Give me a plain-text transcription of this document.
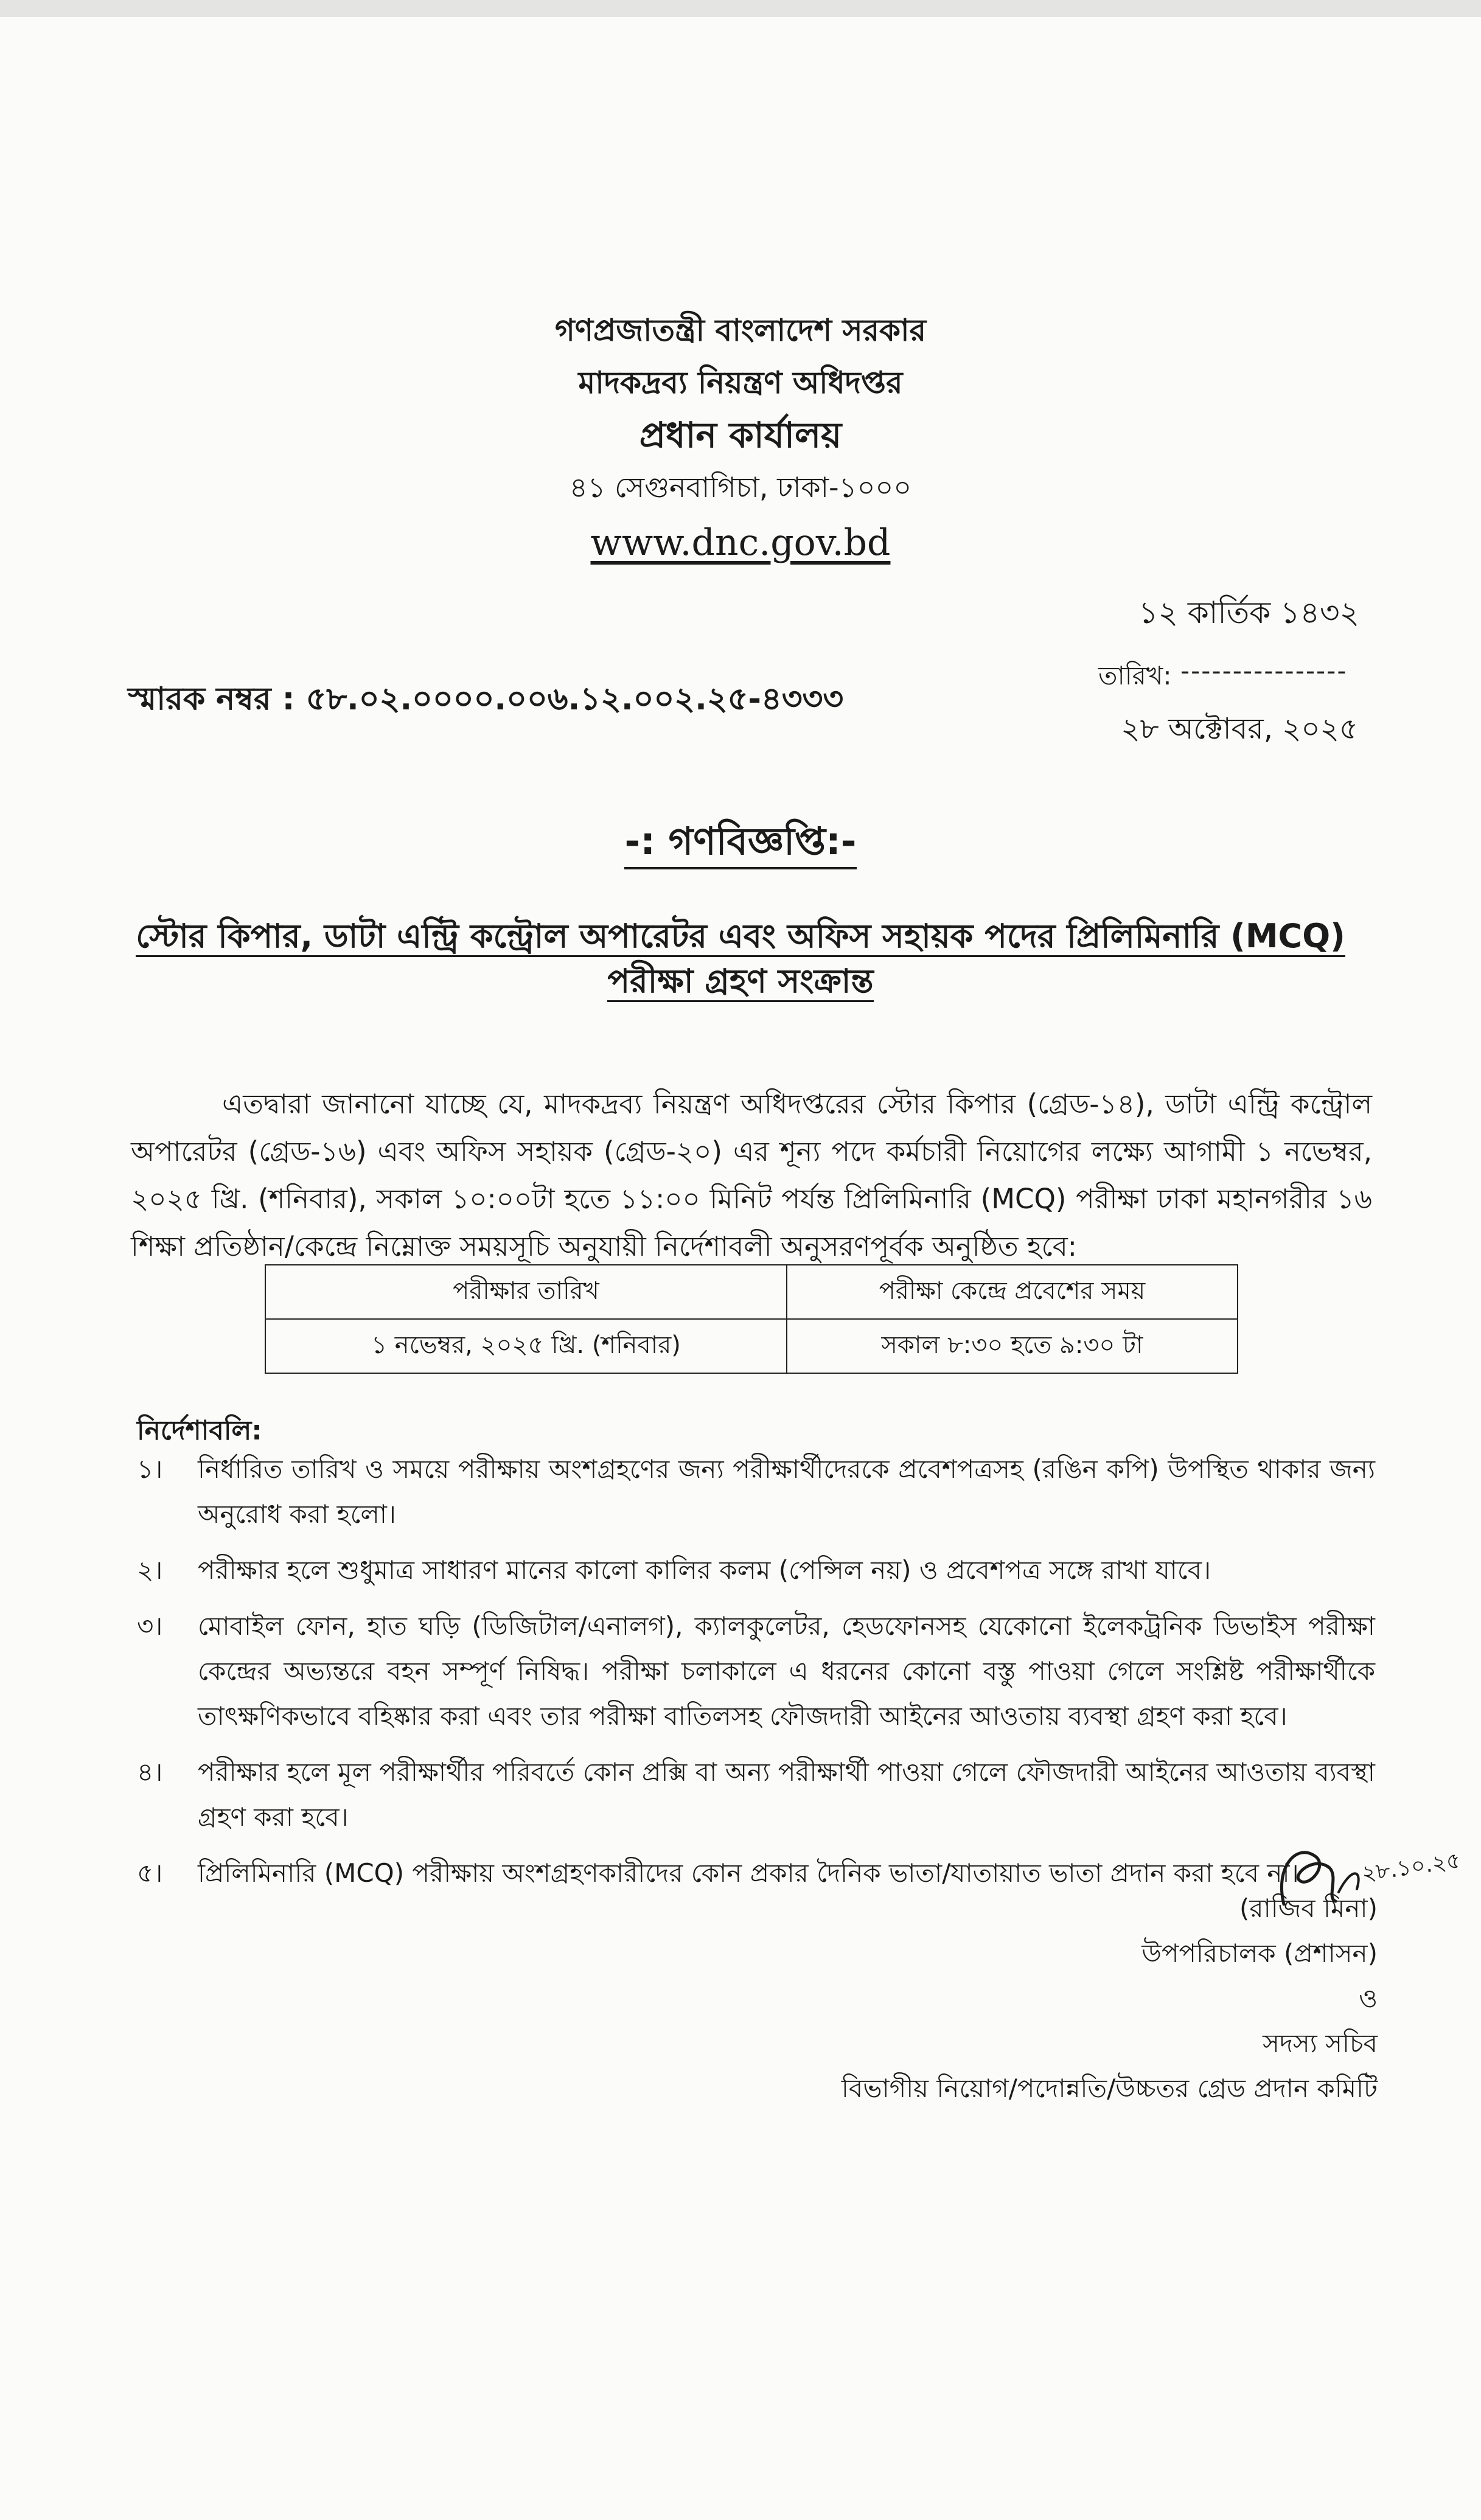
গণপ্রজাতন্ত্রী বাংলাদেশ সরকার
মাদকদ্রব্য নিয়ন্ত্রণ অধিদপ্তর
প্রধান কার্যালয়
৪১ সেগুনবাগিচা, ঢাকা-১০০০
www.dnc.gov.bd
১২ কার্তিক ১৪৩২
স্মারক নম্বর : ৫৮.০২.০০০০.০০৬.১২.০০২.২৫-৪৩৩৩
তারিখ: ----------------
২৮ অক্টোবর, ২০২৫
-: গণবিজ্ঞপ্তি:-
স্টোর কিপার, ডাটা এন্ট্রি কন্ট্রোল অপারেটর এবং অফিস সহায়ক পদের প্রিলিমিনারি (MCQ)
পরীক্ষা গ্রহণ সংক্রান্ত

এতদ্বারা জানানো যাচ্ছে যে, মাদকদ্রব্য নিয়ন্ত্রণ অধিদপ্তরের স্টোর কিপার (গ্রেড-১৪), ডাটা এন্ট্রি কন্ট্রোল অপারেটর (গ্রেড-১৬) এবং অফিস সহায়ক (গ্রেড-২০) এর শূন্য পদে কর্মচারী নিয়োগের লক্ষ্যে আগামী ১ নভেম্বর, ২০২৫ খ্রি. (শনিবার), সকাল ১০:০০টা হতে ১১:০০ মিনিট পর্যন্ত প্রিলিমিনারি (MCQ) পরীক্ষা ঢাকা মহানগরীর ১৬ শিক্ষা প্রতিষ্ঠান/কেন্দ্রে নিম্নোক্ত সময়সূচি অনুযায়ী নির্দেশাবলী অনুসরণপূর্বক অনুষ্ঠিত হবে:

পরীক্ষার তারিখ	পরীক্ষা কেন্দ্রে প্রবেশের সময়
১ নভেম্বর, ২০২৫ খ্রি. (শনিবার)	সকাল ৮:৩০ হতে ৯:৩০ টা
নির্দেশাবলি:
১।	নির্ধারিত তারিখ ও সময়ে পরীক্ষায় অংশগ্রহণের জন্য পরীক্ষার্থীদেরকে প্রবেশপত্রসহ (রঙিন কপি) উপস্থিত থাকার জন্য অনুরোধ করা হলো।
২।	পরীক্ষার হলে শুধুমাত্র সাধারণ মানের কালো কালির কলম (পেন্সিল নয়) ও প্রবেশপত্র সঙ্গে রাখা যাবে।
৩।	মোবাইল ফোন, হাত ঘড়ি (ডিজিটাল/এনালগ), ক্যালকুলেটর, হেডফোনসহ যেকোনো ইলেকট্রনিক ডিভাইস পরীক্ষা কেন্দ্রের অভ্যন্তরে বহন সম্পূর্ণ নিষিদ্ধ। পরীক্ষা চলাকালে এ ধরনের কোনো বস্তু পাওয়া গেলে সংশ্লিষ্ট পরীক্ষার্থীকে তাৎক্ষণিকভাবে বহিষ্কার করা এবং তার পরীক্ষা বাতিলসহ ফৌজদারী আইনের আওতায় ব্যবস্থা গ্রহণ করা হবে।
৪।	পরীক্ষার হলে মূল পরীক্ষার্থীর পরিবর্তে কোন প্রক্সি বা অন্য পরীক্ষার্থী পাওয়া গেলে ফৌজদারী আইনের আওতায় ব্যবস্থা গ্রহণ করা হবে।
৫।	প্রিলিমিনারি (MCQ) পরীক্ষায় অংশগ্রহণকারীদের কোন প্রকার দৈনিক ভাতা/যাতায়াত ভাতা প্রদান করা হবে না।	২৮.১০.২৫
(রাজিব মিনা)
উপপরিচালক (প্রশাসন)
ও
সদস্য সচিব
বিভাগীয় নিয়োগ/পদোন্নতি/উচ্চতর গ্রেড প্রদান কমিটি
